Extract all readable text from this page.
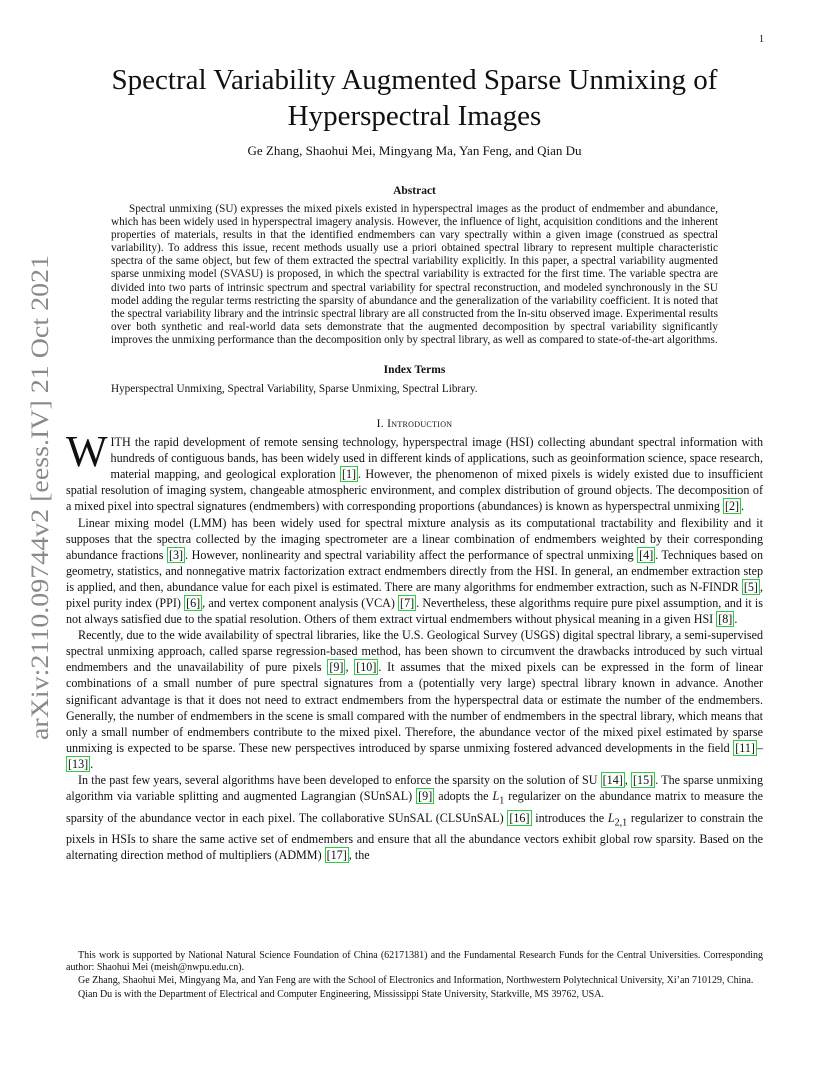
1
arXiv:2110.09744v2 [eess.IV] 21 Oct 2021
Spectral Variability Augmented Sparse Unmixing of Hyperspectral Images
Ge Zhang, Shaohui Mei, Mingyang Ma, Yan Feng, and Qian Du
Abstract

Spectral unmixing (SU) expresses the mixed pixels existed in hyperspectral images as the product of endmember and abundance, which has been widely used in hyperspectral imagery analysis. However, the influence of light, acquisition conditions and the inherent properties of materials, results in that the identified endmembers can vary spectrally within a given image (construed as spectral variability). To address this issue, recent methods usually use a priori obtained spectral library to represent multiple characteristic spectra of the same object, but few of them extracted the spectral variability explicitly. In this paper, a spectral variability augmented sparse unmixing model (SVASU) is proposed, in which the spectral variability is extracted for the first time. The variable spectra are divided into two parts of intrinsic spectrum and spectral variability for spectral reconstruction, and modeled synchronously in the SU model adding the regular terms restricting the sparsity of abundance and the generalization of the variability coefficient. It is noted that the spectral variability library and the intrinsic spectral library are all constructed from the In-situ observed image. Experimental results over both synthetic and real-world data sets demonstrate that the augmented decomposition by spectral variability significantly improves the unmixing performance than the decomposition only by spectral library, as well as compared to state-of-the-art algorithms.

Index Terms
Hyperspectral Unmixing, Spectral Variability, Sparse Unmixing, Spectral Library.
I. Introduction

WITH the rapid development of remote sensing technology, hyperspectral image (HSI) collecting abundant spectral information with hundreds of contiguous bands, has been widely used in different kinds of applications, such as geoinformation science, space research, material mapping, and geological exploration [1] . However, the phenomenon of mixed pixels is widely existed due to insufficient spatial resolution of imaging system, changeable atmospheric environment, and complex distribution of ground objects. The decomposition of a mixed pixel into spectral signatures (endmembers) with corresponding proportions (abundances) is known as hyperspectral unmixing [2] .

Linear mixing model (LMM) has been widely used for spectral mixture analysis as its computational tractability and flexibility and it supposes that the spectra collected by the imaging spectrometer are a linear combination of endmembers weighted by their corresponding abundance fractions [3] . However, nonlinearity and spectral variability affect the performance of spectral unmixing [4] . Techniques based on geometry, statistics, and nonnegative matrix factorization extract endmembers directly from the HSI. In general, an endmember extraction step is applied, and then, abundance value for each pixel is estimated. There are many algorithms for endmember extraction, such as N-FINDR [5] , pixel purity index (PPI) [6] , and vertex component analysis (VCA) [7] . Nevertheless, these algorithms require pure pixel assumption, and it is not always satisfied due to the spatial resolution. Others of them extract virtual endmembers without physical meaning in a given HSI [8] .

Recently, due to the wide availability of spectral libraries, like the U.S. Geological Survey (USGS) digital spectral library, a semi-supervised spectral unmixing approach, called sparse regression-based method, has been shown to circumvent the drawbacks introduced by such virtual endmembers and the unavailability of pure pixels [9] , [10] . It assumes that the mixed pixels can be expressed in the form of linear combinations of a small number of pure spectral signatures from a (potentially very large) spectral library known in advance. Another significant advantage is that it does not need to extract endmembers from the hyperspectral data or estimate the number of the endmembers. Generally, the number of endmembers in the scene is small compared with the number of endmembers in the spectral library, which means that only a small number of endmembers contribute to the mixed pixel. Therefore, the abundance vector of the mixed pixel estimated by sparse unmixing is expected to be sparse. These new perspectives introduced by sparse unmixing fostered advanced developments in the field [11] –[13] .

In the past few years, several algorithms have been developed to enforce the sparsity on the solution of SU [14] , [15] . The sparse unmixing algorithm via variable splitting and augmented Lagrangian (SUnSAL) [9] adopts the $L_1$ regularizer on the abundance matrix to measure the sparsity of the abundance vector in each pixel. The collaborative SUnSAL (CLSUnSAL) [16] introduces the $L_{2,1}$ regularizer to constrain the pixels in HSIs to share the same active set of endmembers and ensure that all the abundance vectors exhibit global row sparsity. Based on the alternating direction method of multipliers (ADMM) [17] , the

This work is supported by National Natural Science Foundation of China (62171381) and the Fundamental Research Funds for the Central Universities. Corresponding author: Shaohui Mei (meish@nwpu.edu.cn).

Ge Zhang, Shaohui Mei, Mingyang Ma, and Yan Feng are with the School of Electronics and Information, Northwestern Polytechnical University, Xi’an 710129, China.

Qian Du is with the Department of Electrical and Computer Engineering, Mississippi State University, Starkville, MS 39762, USA.
